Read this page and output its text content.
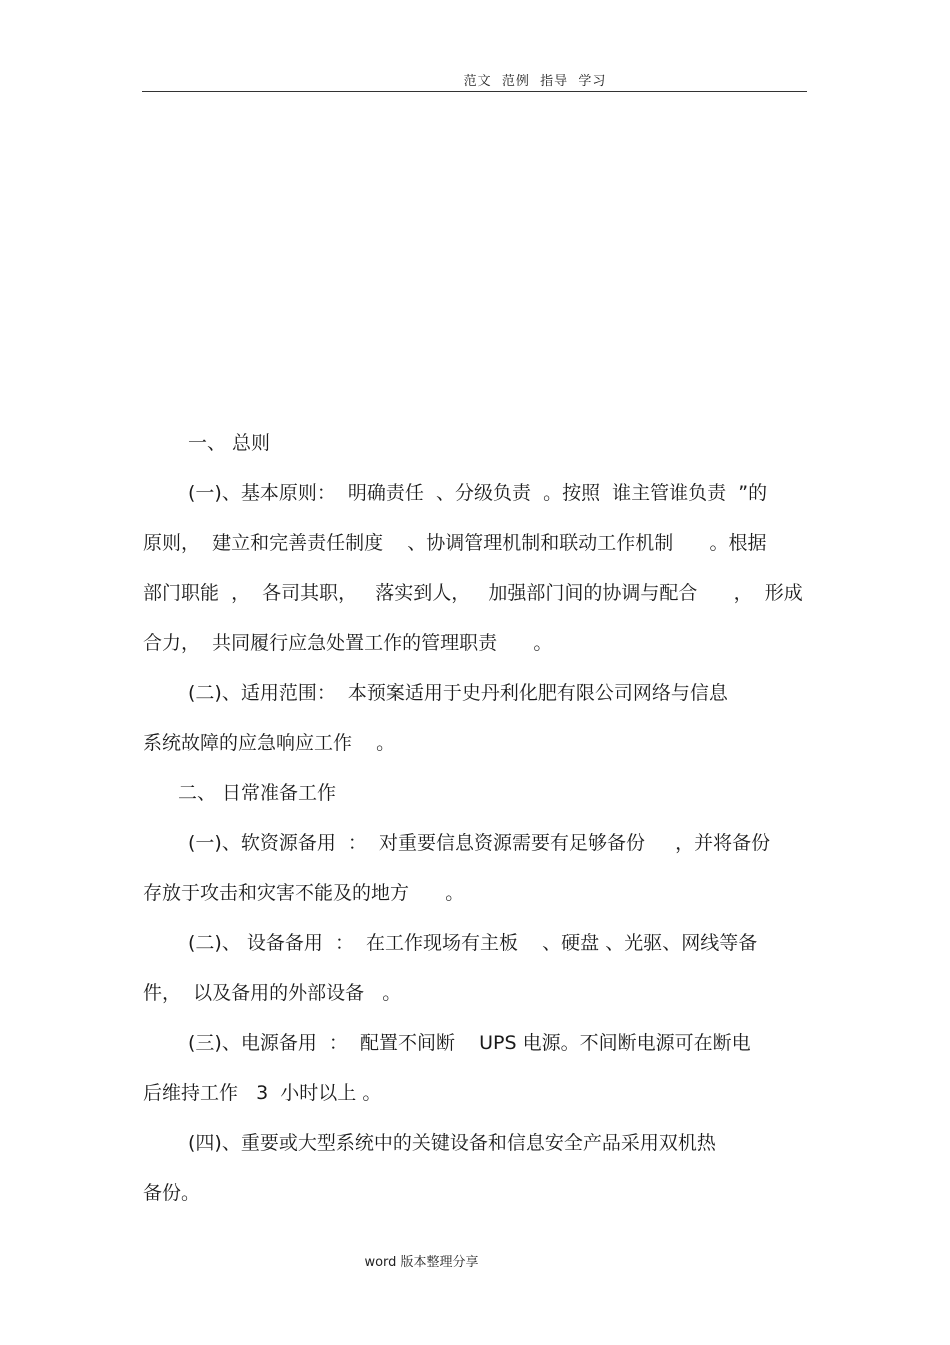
范文  范例  指导  学习
一、 总则
(一)、基本原则：  明确责任  、分级负责  。按照  谁主管谁负责  ”的
原则，  建立和完善责任制度    、协调管理机制和联动工作机制      。根据
部门职能  ，  各司其职，   落实到人，   加强部门间的协调与配合      ，  形成
合力，  共同履行应急处置工作的管理职责      。
(二)、适用范围：  本预案适用于史丹利化肥有限公司网络与信息
系统故障的应急响应工作    。
二、 日常准备工作
(一)、软资源备用  ：  对重要信息资源需要有足够备份     ，并将备份
存放于攻击和灾害不能及的地方      。
(二)、 设备备用  ：  在工作现场有主板    、硬盘 、光驱、网线等备
件，  以及备用的外部设备   。
(三)、电源备用  ：  配置不间断    UPS 电源。不间断电源可在断电
后维持工作   3  小时以上 。
(四)、重要或大型系统中的关键设备和信息安全产品采用双机热
备份。
word 版本整理分享
